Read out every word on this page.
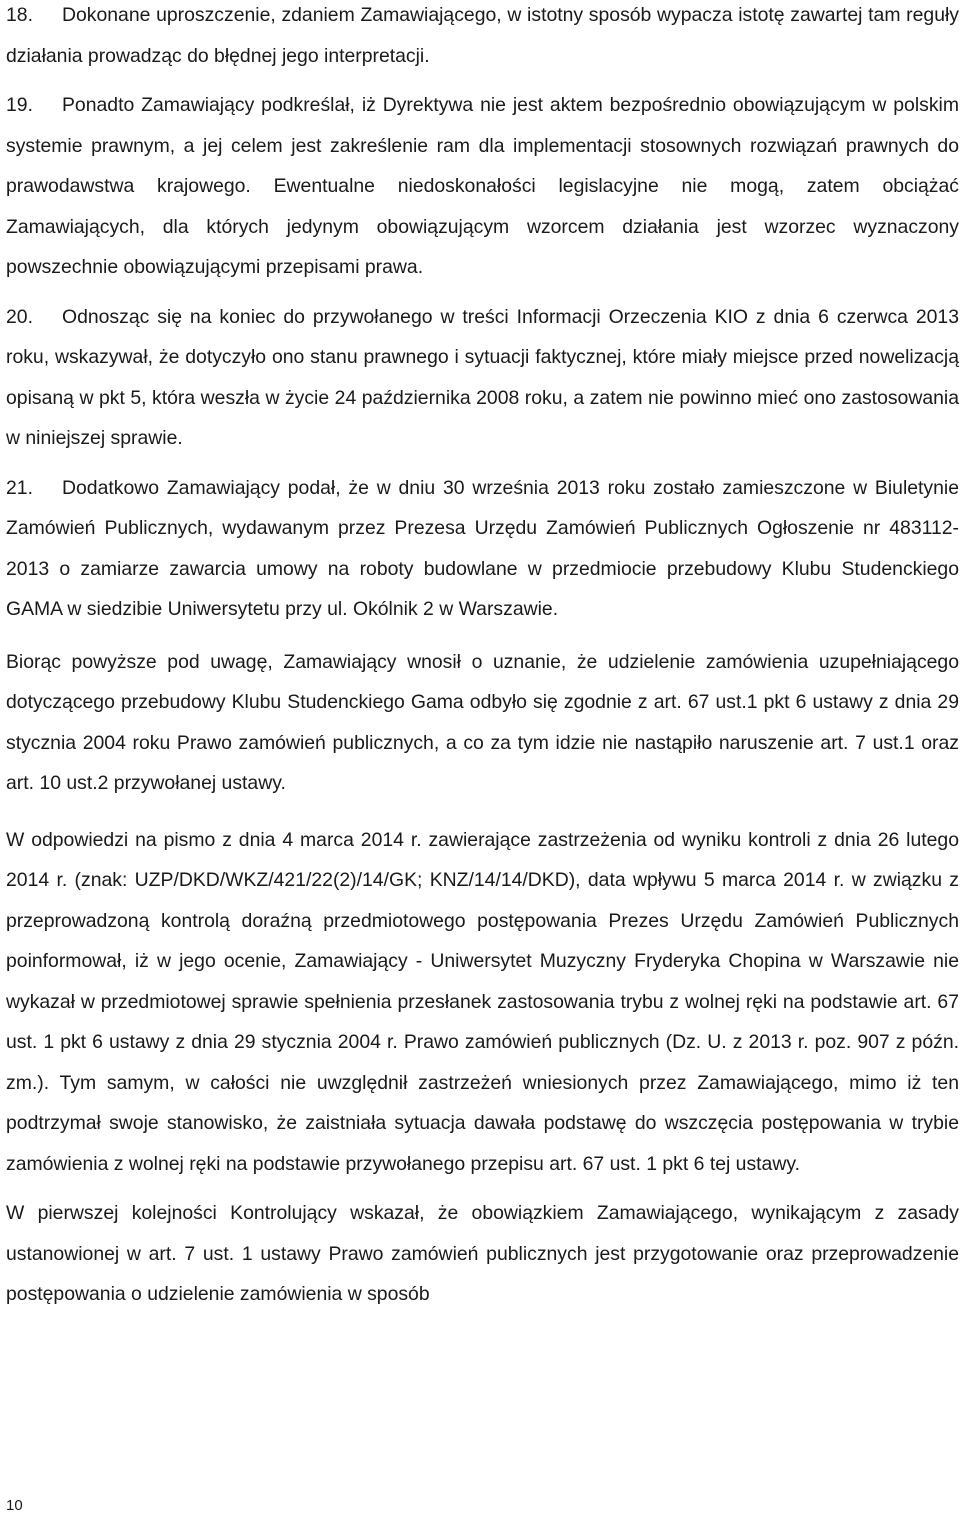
18. Dokonane uproszczenie, zdaniem Zamawiającego, w istotny sposób wypacza istotę zawartej tam reguły działania prowadząc do błędnej jego interpretacji.

19. Ponadto Zamawiający podkreślał, iż Dyrektywa nie jest aktem bezpośrednio obowiązującym w polskim systemie prawnym, a jej celem jest zakreślenie ram dla implementacji stosownych rozwiązań prawnych do prawodawstwa krajowego. Ewentualne niedoskonałości legislacyjne nie mogą, zatem obciążać Zamawiających, dla których jedynym obowiązującym wzorcem działania jest wzorzec wyznaczony powszechnie obowiązującymi przepisami prawa.

20. Odnosząc się na koniec do przywołanego w treści Informacji Orzeczenia KIO z dnia 6 czerwca 2013 roku, wskazywał, że dotyczyło ono stanu prawnego i sytuacji faktycznej, które miały miejsce przed nowelizacją opisaną w pkt 5, która weszła w życie 24 października 2008 roku, a zatem nie powinno mieć ono zastosowania w niniejszej sprawie.

21. Dodatkowo Zamawiający podał, że w dniu 30 września 2013 roku zostało zamieszczone w Biuletynie Zamówień Publicznych, wydawanym przez Prezesa Urzędu Zamówień Publicznych Ogłoszenie nr 483112-2013 o zamiarze zawarcia umowy na roboty budowlane w przedmiocie przebudowy Klubu Studenckiego GAMA w siedzibie Uniwersytetu przy ul. Okólnik 2 w Warszawie.

Biorąc powyższe pod uwagę, Zamawiający wnosił o uznanie, że udzielenie zamówienia uzupełniającego dotyczącego przebudowy Klubu Studenckiego Gama odbyło się zgodnie z art. 67 ust.1 pkt 6 ustawy z dnia 29 stycznia 2004 roku Prawo zamówień publicznych, a co za tym idzie nie nastąpiło naruszenie art. 7 ust.1 oraz art. 10 ust.2 przywołanej ustawy.

W odpowiedzi na pismo z dnia 4 marca 2014 r. zawierające zastrzeżenia od wyniku kontroli z dnia 26 lutego 2014 r. (znak: UZP/DKD/WKZ/421/22(2)/14/GK; KNZ/14/14/DKD), data wpływu 5 marca 2014 r. w związku z przeprowadzoną kontrolą doraźną przedmiotowego postępowania Prezes Urzędu Zamówień Publicznych poinformował, iż w jego ocenie, Zamawiający - Uniwersytet Muzyczny Fryderyka Chopina w Warszawie nie wykazał w przedmiotowej sprawie spełnienia przesłanek zastosowania trybu z wolnej ręki na podstawie art. 67 ust. 1 pkt 6 ustawy z dnia 29 stycznia 2004 r. Prawo zamówień publicznych (Dz. U. z 2013 r. poz. 907 z późn. zm.). Tym samym, w całości nie uwzględnił zastrzeżeń wniesionych przez Zamawiającego, mimo iż ten podtrzymał swoje stanowisko, że zaistniała sytuacja dawała podstawę do wszczęcia postępowania w trybie zamówienia z wolnej ręki na podstawie przywołanego przepisu art. 67 ust. 1 pkt 6 tej ustawy.

W pierwszej kolejności Kontrolujący wskazał, że obowiązkiem Zamawiającego, wynikającym z zasady ustanowionej w art. 7 ust. 1 ustawy Prawo zamówień publicznych jest przygotowanie oraz przeprowadzenie postępowania o udzielenie zamówienia w sposób

10
